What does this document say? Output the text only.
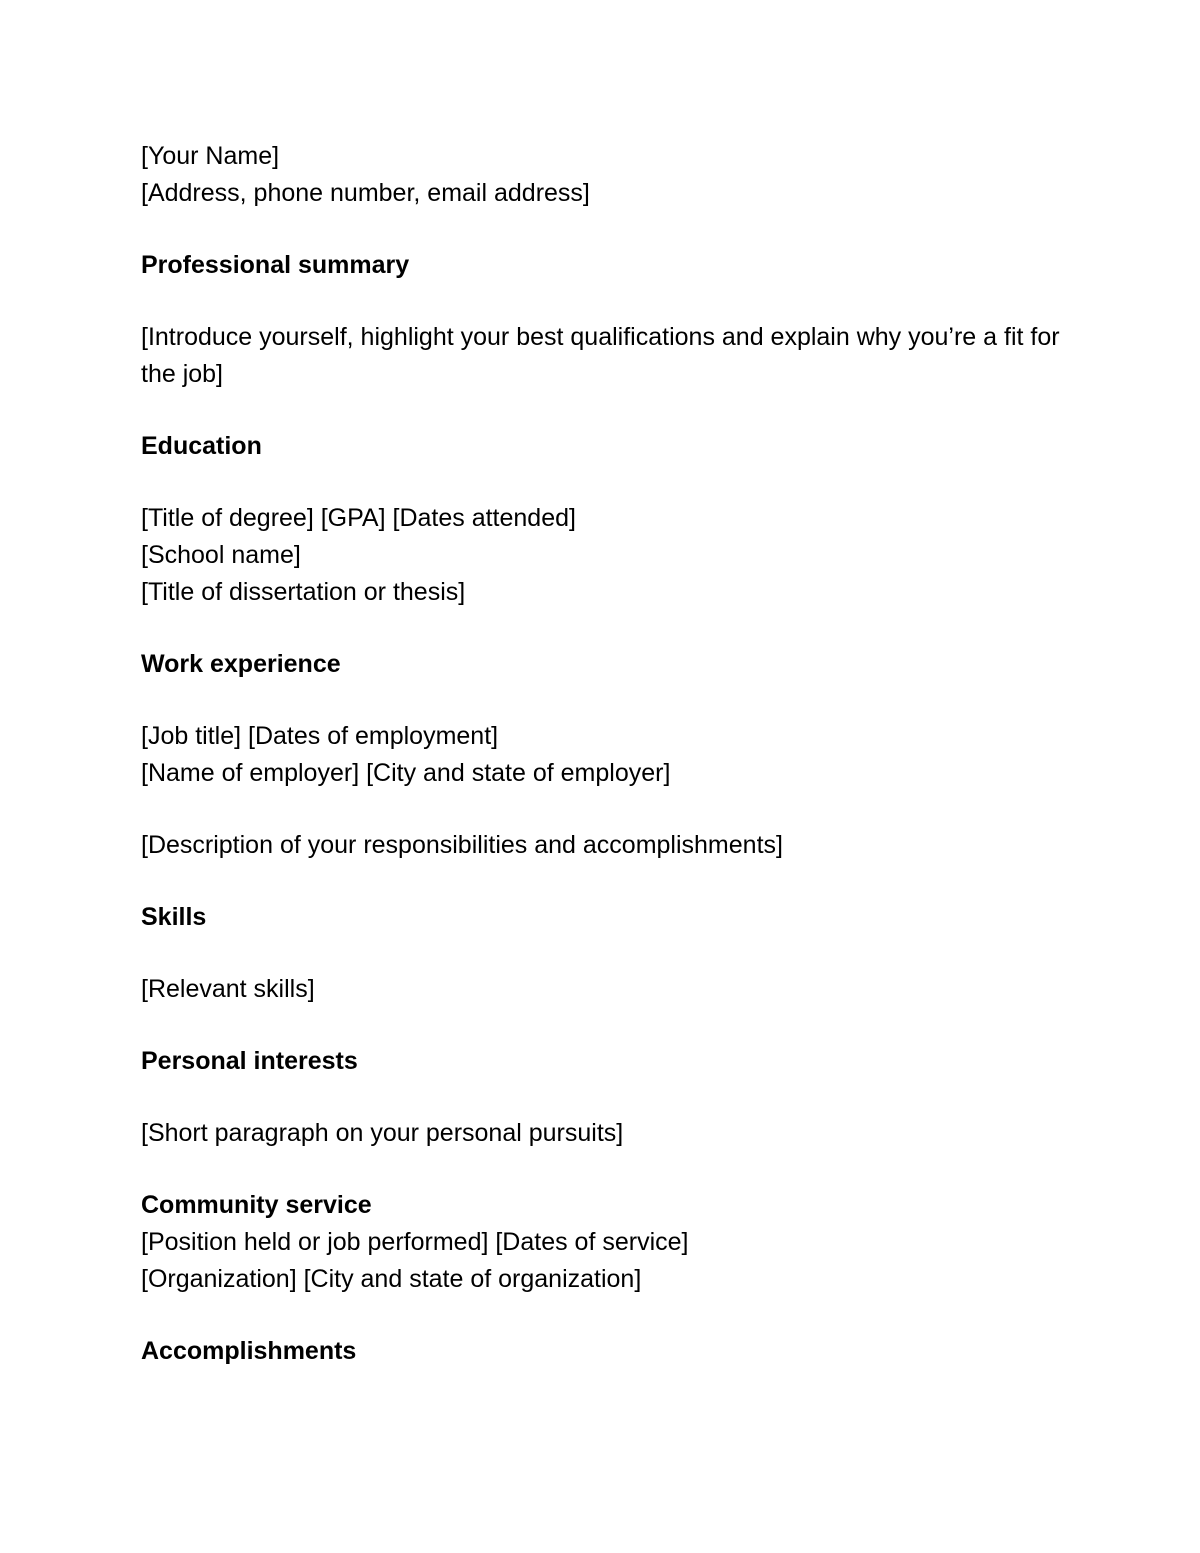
[Your Name]

[Address, phone number, email address]

Professional summary

[Introduce yourself, highlight your best qualifications and explain why you’re a fit for the job]

Education

[Title of degree] [GPA] [Dates attended]

[School name]

[Title of dissertation or thesis]

Work experience

[Job title] [Dates of employment]

[Name of employer] [City and state of employer]

[Description of your responsibilities and accomplishments]

Skills

[Relevant skills]

Personal interests

[Short paragraph on your personal pursuits]

Community service

[Position held or job performed] [Dates of service]

[Organization] [City and state of organization]

Accomplishments
